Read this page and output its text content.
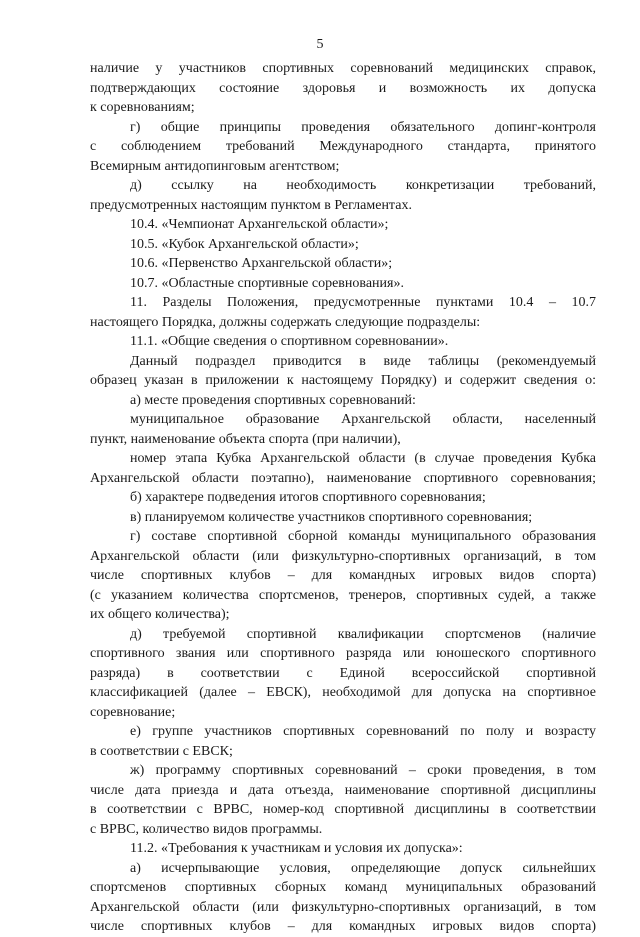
5
наличие у участников спортивных соревнований медицинских справок,
подтверждающих состояние здоровья и возможность их допуска
к соревнованиям;
г) общие принципы проведения обязательного допинг-контроля
с соблюдением требований Международного стандарта, принятого
Всемирным антидопинговым агентством;
д) ссылку на необходимость конкретизации требований,
предусмотренных настоящим пунктом в Регламентах.
10.4. «Чемпионат Архангельской области»;
10.5. «Кубок Архангельской области»;
10.6. «Первенство Архангельской области»;
10.7. «Областные спортивные соревнования».
11. Разделы Положения, предусмотренные пунктами 10.4 – 10.7
настоящего Порядка, должны содержать следующие подразделы:
11.1. «Общие сведения о спортивном соревновании».
Данный подраздел приводится в виде таблицы (рекомендуемый
образец указан в приложении к настоящему Порядку) и содержит сведения о:
а) месте проведения спортивных соревнований:
муниципальное образование Архангельской области, населенный
пункт, наименование объекта спорта (при наличии),
номер этапа Кубка Архангельской области (в случае проведения Кубка
Архангельской области поэтапно), наименование спортивного соревнования;
б) характере подведения итогов спортивного соревнования;
в) планируемом количестве участников спортивного соревнования;
г) составе спортивной сборной команды муниципального образования
Архангельской области (или физкультурно-спортивных организаций, в том
числе спортивных клубов – для командных игровых видов спорта)
(с указанием количества спортсменов, тренеров, спортивных судей, а также
их общего количества);
д) требуемой спортивной квалификации спортсменов (наличие
спортивного звания или спортивного разряда или юношеского спортивного
разряда) в соответствии с Единой всероссийской спортивной
классификацией (далее – ЕВСК), необходимой для допуска на спортивное
соревнование;
е) группе участников спортивных соревнований по полу и возрасту
в соответствии с ЕВСК;
ж) программу спортивных соревнований – сроки проведения, в том
числе дата приезда и дата отъезда, наименование спортивной дисциплины
в соответствии с ВРВС, номер-код спортивной дисциплины в соответствии
с ВРВС, количество видов программы.
11.2. «Требования к участникам и условия их допуска»:
а) исчерпывающие условия, определяющие допуск сильнейших
спортсменов спортивных сборных команд муниципальных образований
Архангельской области (или физкультурно-спортивных организаций, в том
числе спортивных клубов – для командных игровых видов спорта)
